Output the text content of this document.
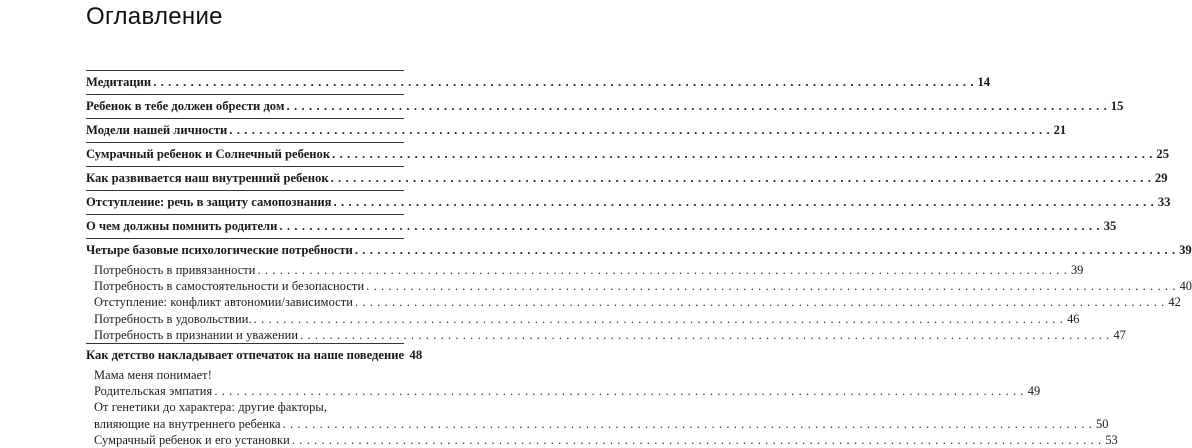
Оглавление
Медитации . . .	14
Ребенок в тебе должен обрести дом . . .	15
Модели нашей личности . . .	21
Сумрачный ребенок и Солнечный ребенок . . .	25
Как развивается наш внутренний ребенок . . .	29
Отступление: речь в защиту самопознания . . .	33
О чем должны помнить родители . . .	35
Четыре базовые психологические потребности . . .	39
Потребность в привязанности . . .	39
Потребность в самостоятельности и безопасности . . .	40
Отступление: конфликт автономии/зависимости . . .	42
Потребность в удовольствии. . . .	46
Потребность в признании и уважении . . .	47
Как детство накладывает отпечаток на наше поведение 48
Мама меня понимает!
Родительская эмпатия . . .	49
От генетики до характера: другие факторы,
влияющие на внутреннего ребенка . . .	50
Сумрачный ребенок и его установки . . .	53
